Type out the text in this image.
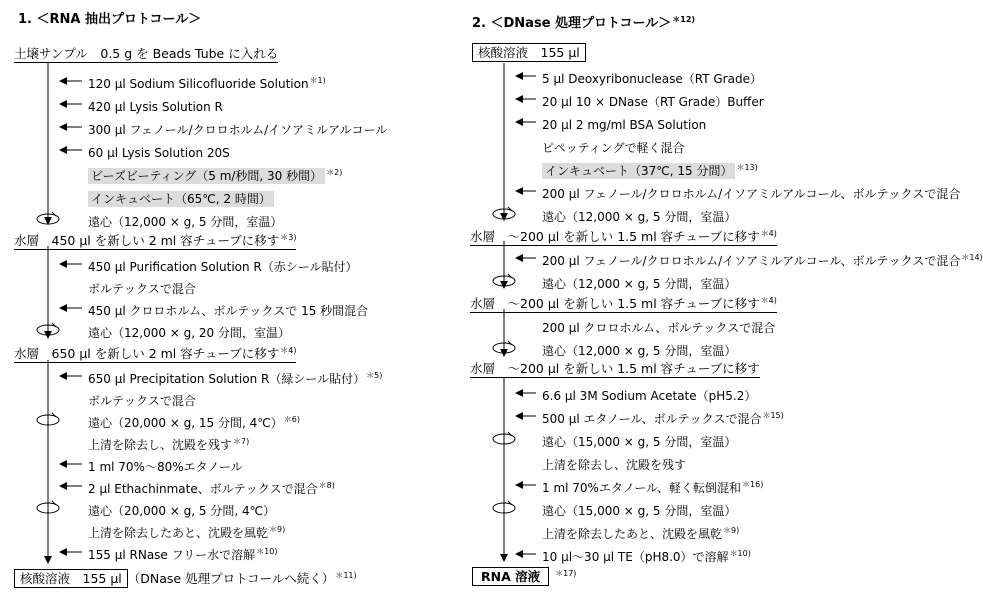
1. ＜RNA 抽出プロトコール＞
土壌サンプル　0.5 g を Beads Tube に入れる
120 µl Sodium Silicofluoride Solution$^{*1)}$
420 µl Lysis Solution R
300 µl フェノール/クロロホルム/イソアミルアルコール
60 µl Lysis Solution 20S
ビーズビーティング（5 m/秒間, 30 秒間） $^{*2)}$
インキュベート（65℃, 2 時間）
遠心（12,000 × g, 5 分間，室温）
水層　450 µl を新しい 2 ml 容チューブに移す$^{*3)}$
450 µl Purification Solution R（赤シール貼付）
ボルテックスで混合
450 µl クロロホルム、ボルテックスで 15 秒間混合
遠心（12,000 × g, 20 分間，室温）
水層　650 µl を新しい 2 ml 容チューブに移す$^{*4)}$
650 µl Precipitation Solution R（緑シール貼付）$^{*5)}$
ボルテックスで混合
遠心（20,000 × g, 15 分間, 4℃）$^{*6)}$
上清を除去し、沈殿を残す$^{*7)}$
1 ml 70%～80%エタノール
2 µl Ethachinmate、ボルテックスで混合$^{*8)}$
遠心（20,000 × g, 5 分間, 4℃）
上清を除去したあと、沈殿を風乾$^{*9)}$
155 µl RNase フリー水で溶解$^{*10)}$
核酸溶液　155 µl （DNase 処理プロトコールへ続く）$^{*11)}$
2. ＜DNase 処理プロトコール＞$^{*12)}$
核酸溶液　155 µl
5 µl Deoxyribonuclease（RT Grade）
20 µl 10 × DNase（RT Grade）Buffer
20 µl 2 mg/ml BSA Solution
ピペッティングで軽く混合
インキュベート（37℃, 15 分間） $^{*13)}$
200 µl フェノール/クロロホルム/イソアミルアルコール、ボルテックスで混合
遠心（12,000 × g, 5 分間，室温）
水層　～200 µl を新しい 1.5 ml 容チューブに移す$^{*4)}$
200 µl フェノール/クロロホルム/イソアミルアルコール、ボルテックスで混合$^{*14)}$
遠心（12,000 × g, 5 分間，室温）
水層　～200 µl を新しい 1.5 ml 容チューブに移す$^{*4)}$
200 µl クロロホルム、ボルテックスで混合
遠心（12,000 × g, 5 分間，室温）
水層　～200 µl を新しい 1.5 ml 容チューブに移す
6.6 µl 3M Sodium Acetate（pH5.2）
500 µl エタノール、ボルテックスで混合$^{*15)}$
遠心（15,000 × g, 5 分間，室温）
上清を除去し、沈殿を残す
1 ml 70%エタノール、軽く転倒混和$^{*16)}$
遠心（15,000 × g, 5 分間，室温）
上清を除去したあと、沈殿を風乾$^{*9)}$
10 µl～30 µl TE（pH8.0）で溶解$^{*10)}$
RNA 溶液 $^{*17)}$
